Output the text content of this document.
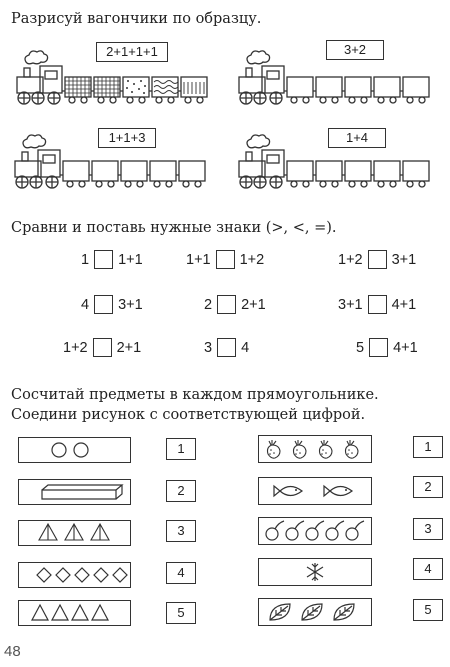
Разрисуй вагончики по образцу.
2+1+1+1	3+2
1+1+3	1+4
Сравни и поставь нужные знаки (>, <, =).
1 1+1	1+1 1+2	1+2 3+1
4 3+1	2 2+1	3+1 4+1
1+2 2+1	3 4	5 4+1
Сосчитай предметы в каждом прямоугольнике.
Соедини рисунок с соответствующей цифрой.
1
2
3
4
5
1
2
3
4
5
48
